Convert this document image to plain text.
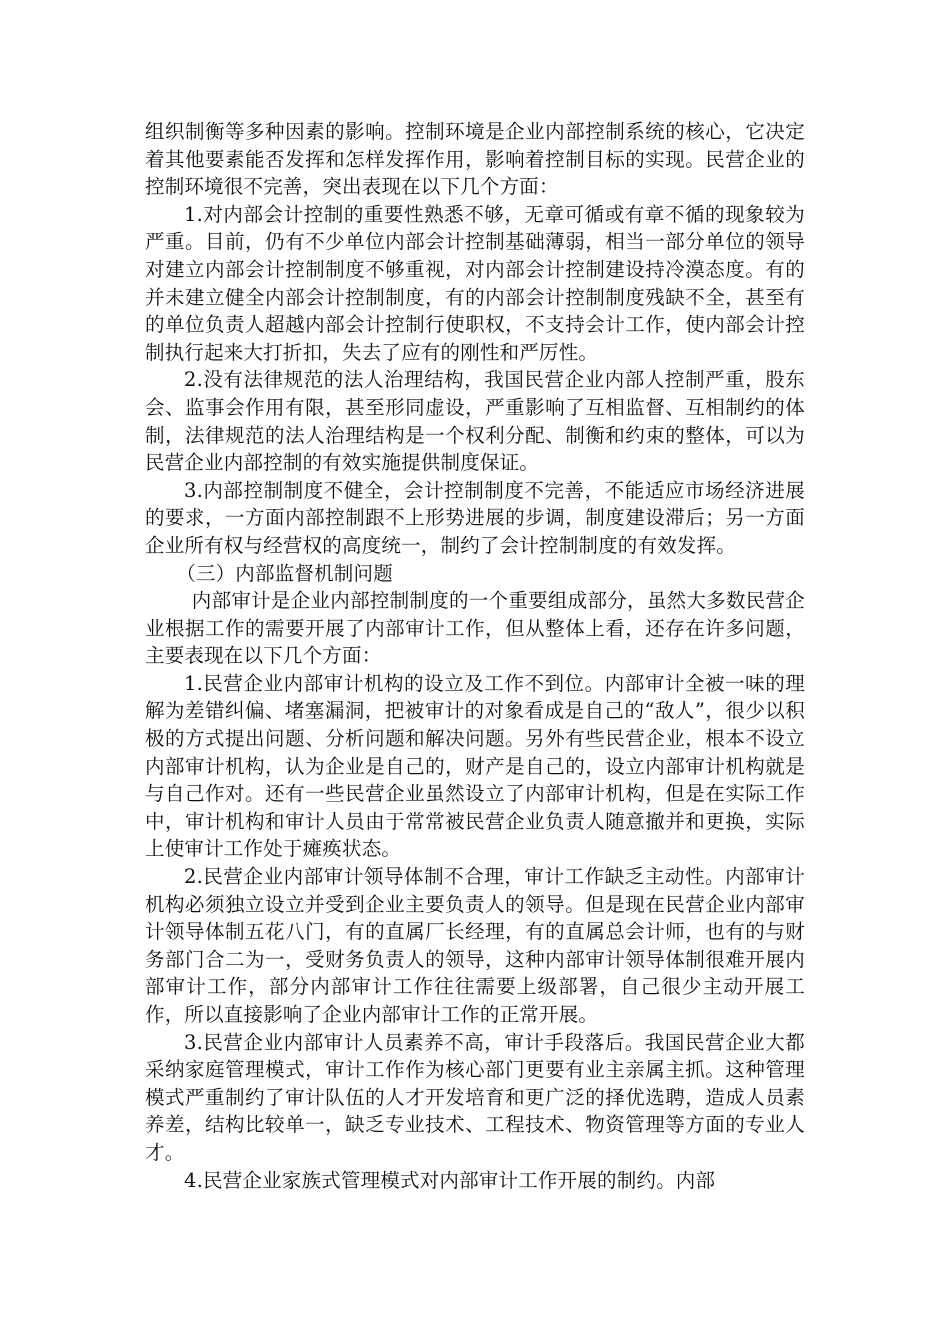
组织制衡等多种因素的影响。控制环境是企业内部控制系统的核心，它决定着其他要素能否发挥和怎样发挥作用，影响着控制目标的实现。民营企业的控制环境很不完善，突出表现在以下几个方面：

1.对内部会计控制的重要性熟悉不够，无章可循或有章不循的现象较为严重。目前，仍有不少单位内部会计控制基础薄弱，相当一部分单位的领导对建立内部会计控制制度不够重视，对内部会计控制建设持冷漠态度。有的并未建立健全内部会计控制制度，有的内部会计控制制度残缺不全，甚至有的单位负责人超越内部会计控制行使职权，不支持会计工作，使内部会计控制执行起来大打折扣，失去了应有的刚性和严厉性。

2.没有法律规范的法人治理结构，我国民营企业内部人控制严重，股东会、监事会作用有限，甚至形同虚设，严重影响了互相监督、互相制约的体制，法律规范的法人治理结构是一个权利分配、制衡和约束的整体，可以为民营企业内部控制的有效实施提供制度保证。

3.内部控制制度不健全，会计控制制度不完善，不能适应市场经济进展的要求，一方面内部控制跟不上形势进展的步调，制度建设滞后；另一方面企业所有权与经营权的高度统一，制约了会计控制制度的有效发挥。

（三）内部监督机制问题

内部审计是企业内部控制制度的一个重要组成部分，虽然大多数民营企业根据工作的需要开展了内部审计工作，但从整体上看，还存在许多问题，主要表现在以下几个方面：

1.民营企业内部审计机构的设立及工作不到位。内部审计全被一味的理解为差错纠偏、堵塞漏洞，把被审计的对象看成是自己的“敌人”，很少以积极的方式提出问题、分析问题和解决问题。另外有些民营企业，根本不设立内部审计机构，认为企业是自己的，财产是自己的，设立内部审计机构就是与自己作对。还有一些民营企业虽然设立了内部审计机构，但是在实际工作中，审计机构和审计人员由于常常被民营企业负责人随意撤并和更换，实际上使审计工作处于瘫痪状态。

2.民营企业内部审计领导体制不合理，审计工作缺乏主动性。内部审计机构必须独立设立并受到企业主要负责人的领导。但是现在民营企业内部审计领导体制五花八门，有的直属厂长经理，有的直属总会计师，也有的与财务部门合二为一，受财务负责人的领导，这种内部审计领导体制很难开展内部审计工作，部分内部审计工作往往需要上级部署，自己很少主动开展工作，所以直接影响了企业内部审计工作的正常开展。

3.民营企业内部审计人员素养不高，审计手段落后。我国民营企业大都采纳家庭管理模式，审计工作作为核心部门更要有业主亲属主抓。这种管理模式严重制约了审计队伍的人才开发培育和更广泛的择优选聘，造成人员素养差，结构比较单一，缺乏专业技术、工程技术、物资管理等方面的专业人才。

4.民营企业家族式管理模式对内部审计工作开展的制约。内部
